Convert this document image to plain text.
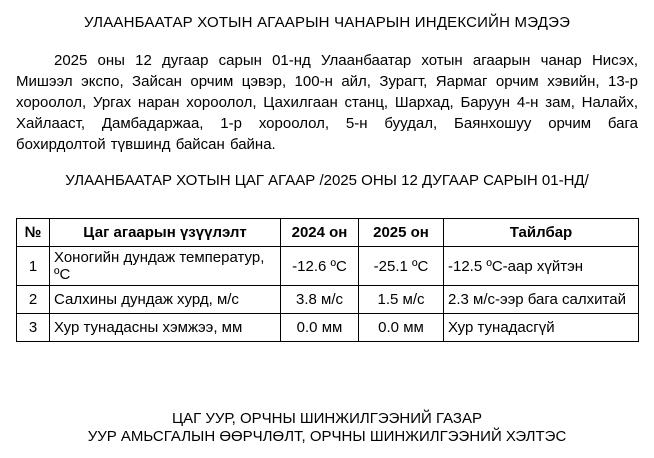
УЛААНБААТАР ХОТЫН АГААРЫН ЧАНАРЫН ИНДЕКСИЙН МЭДЭЭ

2025 оны 12 дугаар сарын 01-нд Улаанбаатар хотын агаарын чанар Нисэх, Мишээл экспо, Зайсан орчим цэвэр, 100-н айл, Зурагт, Яармаг орчим хэвийн, 13-р хороолол, Ургах наран хороолол, Цахилгаан станц, Шархад, Баруун 4-н зам, Налайх, Хайлааст, Дамбадаржаа, 1-р хороолол, 5-н буудал, Баянхошуу орчим бага бохирдолтой түвшинд байсан байна.

УЛААНБААТАР ХОТЫН ЦАГ АГААР /2025 ОНЫ 12 ДУГААР САРЫН 01-НД/
№	Цаг агаарын үзүүлэлт	2024 он	2025 он	Тайлбар
1	Хоногийн дундаж температур, ºС	-12.6 ºС	-25.1 ºС	-12.5 ºС-аар хүйтэн
2	Салхины дундаж хурд, м/с	3.8 м/с	1.5 м/с	2.3 м/с-ээр бага салхитай
3	Хур тунадасны хэмжээ, мм	0.0 мм	0.0 мм	Хур тунадасгүй
ЦАГ УУР, ОРЧНЫ ШИНЖИЛГЭЭНИЙ ГАЗАР
УУР АМЬСГАЛЫН ӨӨРЧЛӨЛТ, ОРЧНЫ ШИНЖИЛГЭЭНИЙ ХЭЛТЭС
